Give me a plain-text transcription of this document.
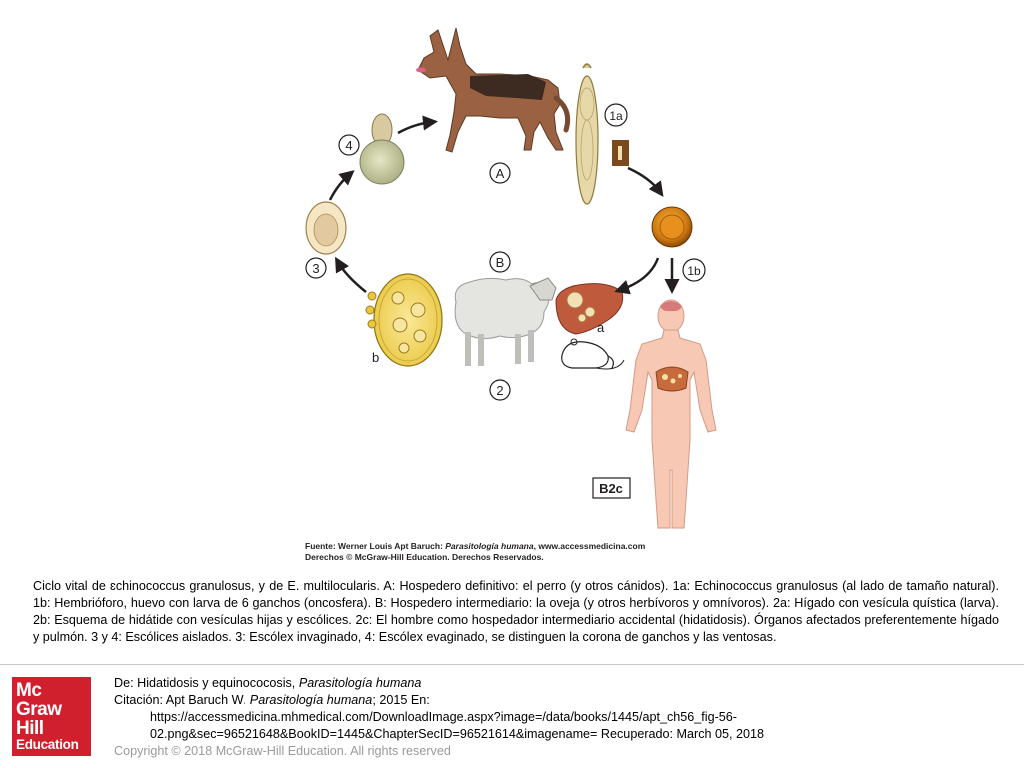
A
1a
1b
B
2
3
4
a
b
B2c
Fuente: Werner Louis Apt Baruch: Parasitología humana, www.accessmedicina.com
Derechos © McGraw-Hill Education. Derechos Reservados.
Ciclo vital de ɛchinococcus granulosus, y de E. multilocularis. A: Hospedero definitivo: el perro (y otros cánidos). 1a: Echinococcus granulosus (al lado de tamaño natural). 1b: Hembrióforo, huevo con larva de 6 ganchos (oncosfera). B: Hospedero intermediario: la oveja (y otros herbívoros y omnívoros). 2a: Hígado con vesícula quística (larva). 2b: Esquema de hidátide con vesículas hijas y escólices. 2c: El hombre como hospedador intermediario accidental (hidatidosis). Órganos afectados preferentemente hígado y pulmón. 3 y 4: Escólices aislados. 3: Escólex invaginado, 4: Escólex evaginado, se distinguen la corona de ganchos y las ventosas.
Mc
Graw
Hill
Education
De: Hidatidosis y equinococosis, Parasitología humana
Citación: Apt Baruch W. Parasitología humana; 2015 En:
https://accessmedicina.mhmedical.com/DownloadImage.aspx?image=/data/books/1445/apt_ch56_fig-56-
02.png&sec=96521648&BookID=1445&ChapterSecID=96521614&imagename= Recuperado: March 05, 2018
Copyright © 2018 McGraw-Hill Education. All rights reserved
